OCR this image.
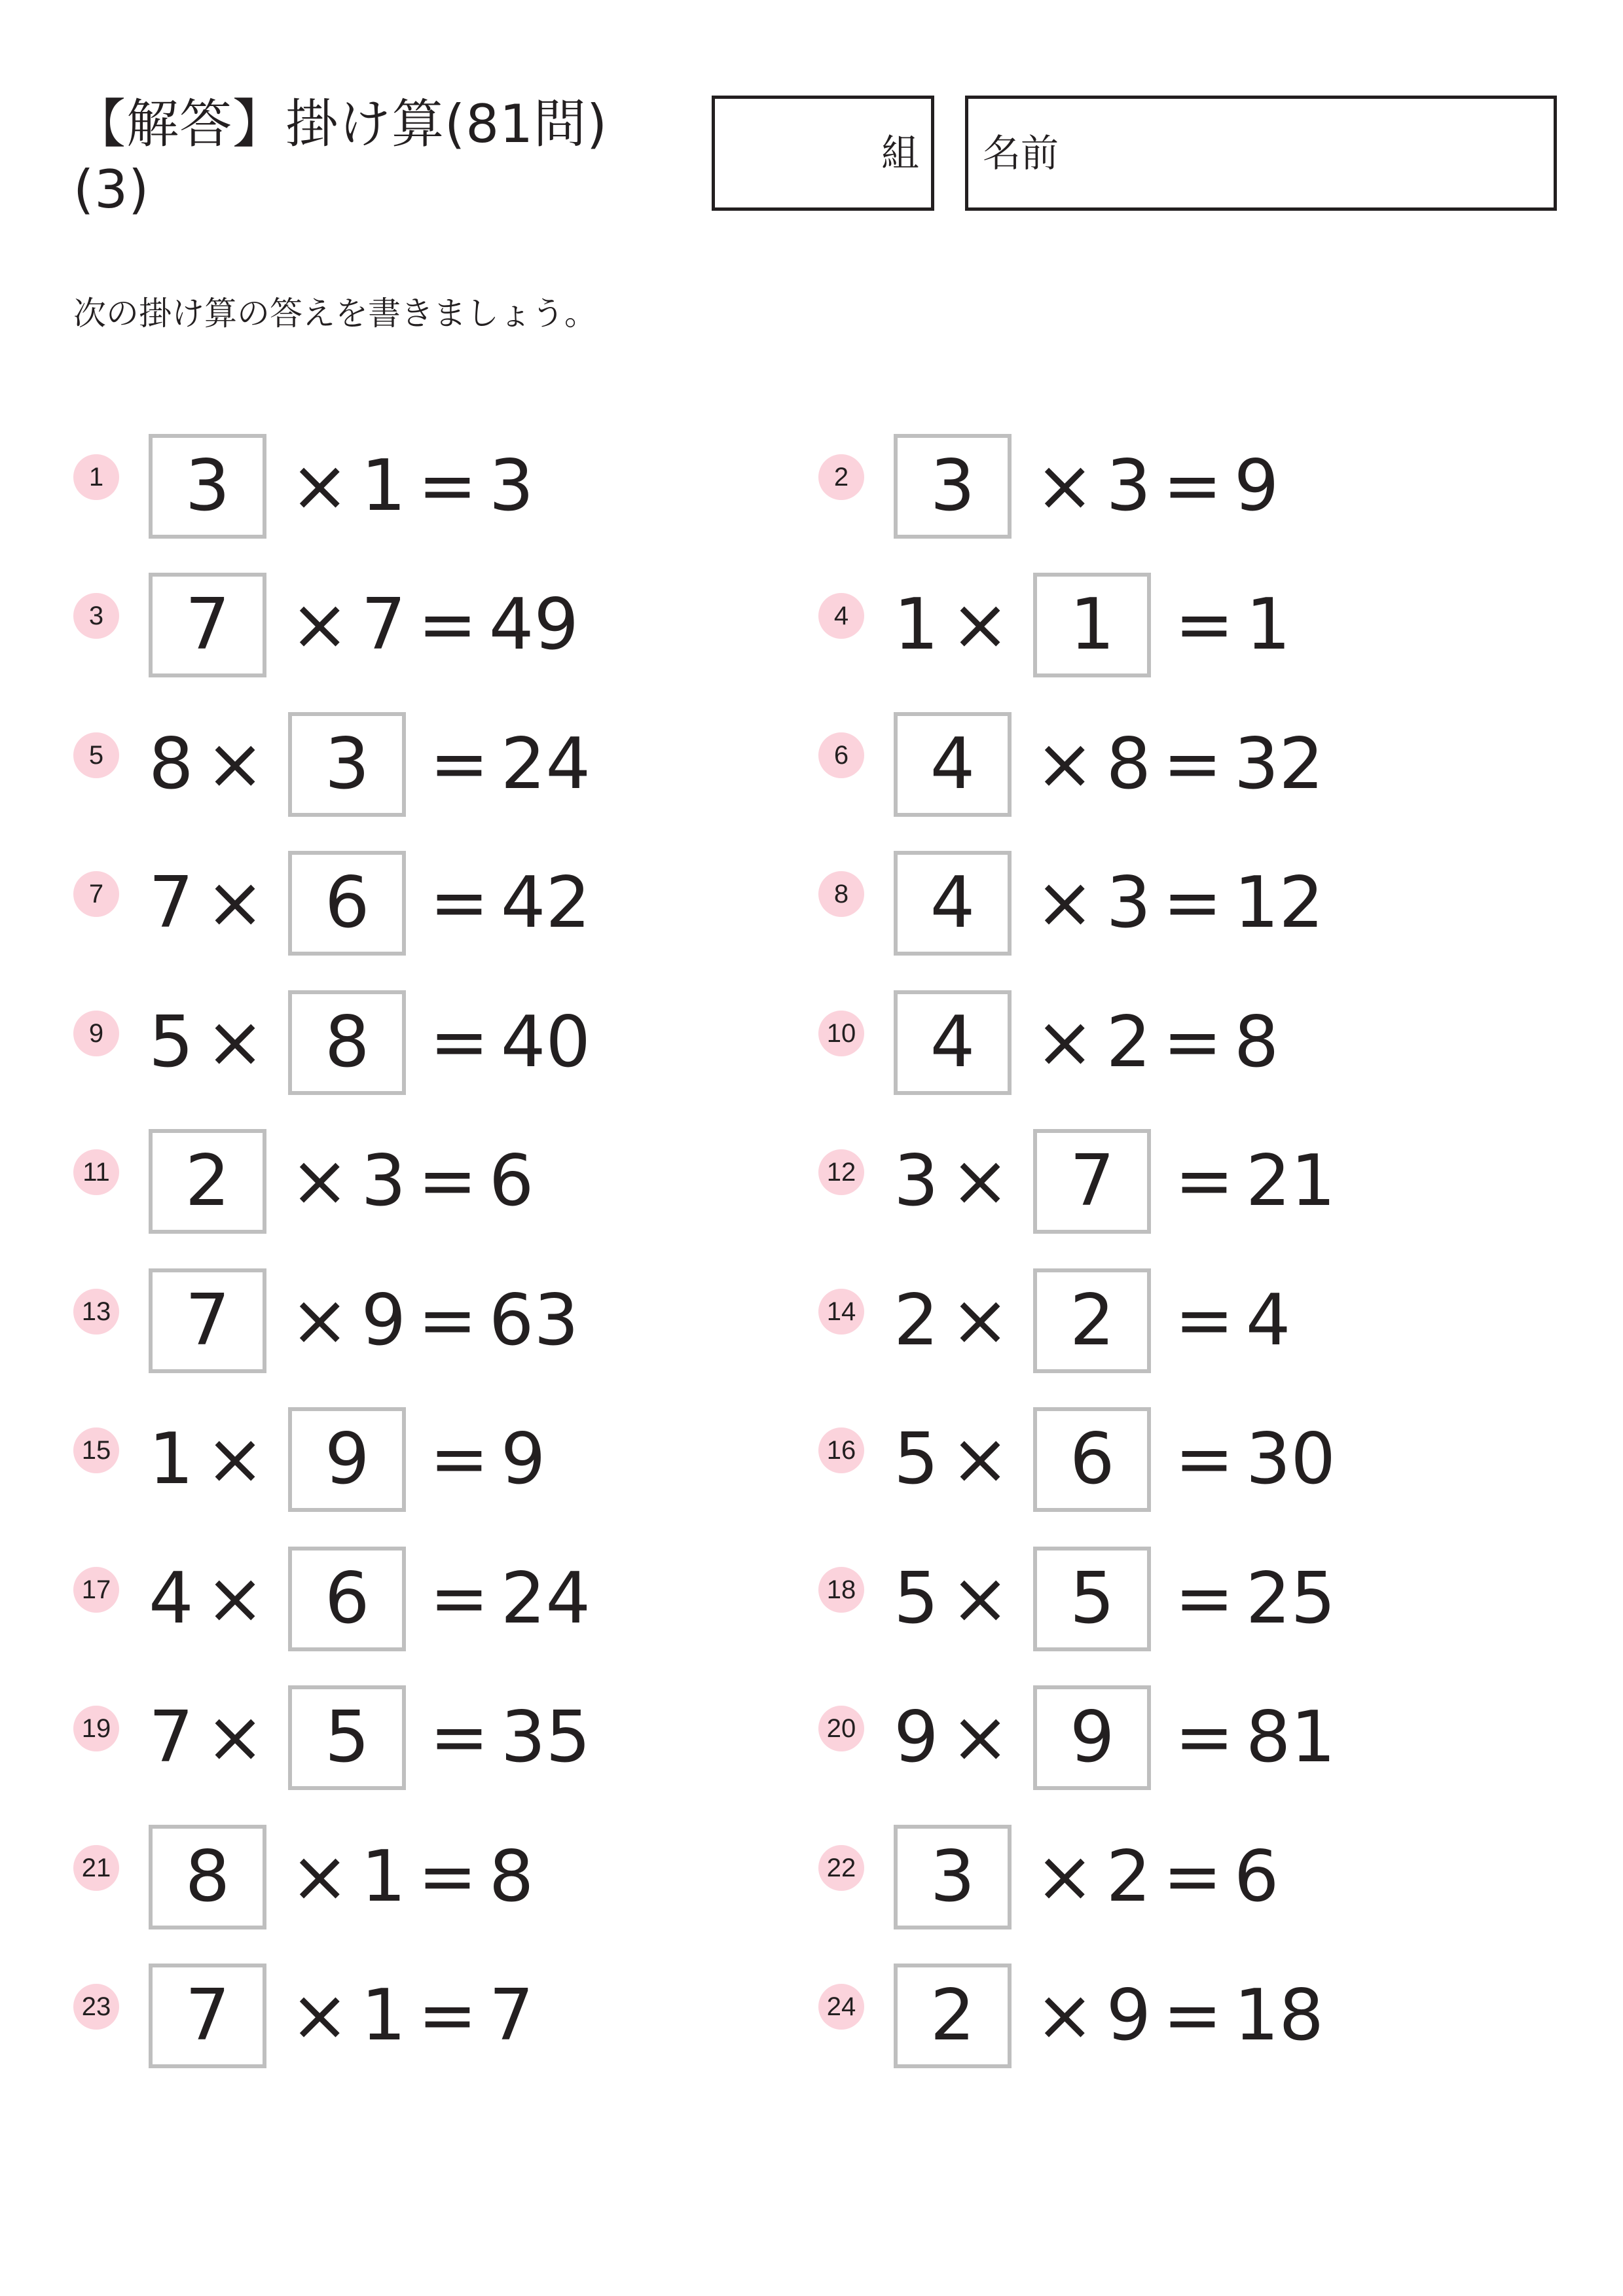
【解答】掛け算(81問)
(3)
組	名前
次の掛け算の答えを書きましょう。
1	3 × 1 = 3	2	3 × 3 = 9
3	7 × 7 = 49	4 1 × 1 = 1
5 8 × 3 = 24	6	4 × 8 = 32
7 7 × 6 = 42	8	4 × 3 = 12
9 5 × 8 = 40	10	4 × 2 = 8
11	2 × 3 = 6	12 3 × 7 = 21
13	7 × 9 = 63	14 2 × 2 = 4
15 1 × 9 = 9	16 5 × 6 = 30
17 4 × 6 = 24	18 5 × 5 = 25
19 7 × 5 = 35	20 9 × 9 = 81
21	8 × 1 = 8	22	3 × 2 = 6
23	7 × 1 = 7	24	2 × 9 = 18
